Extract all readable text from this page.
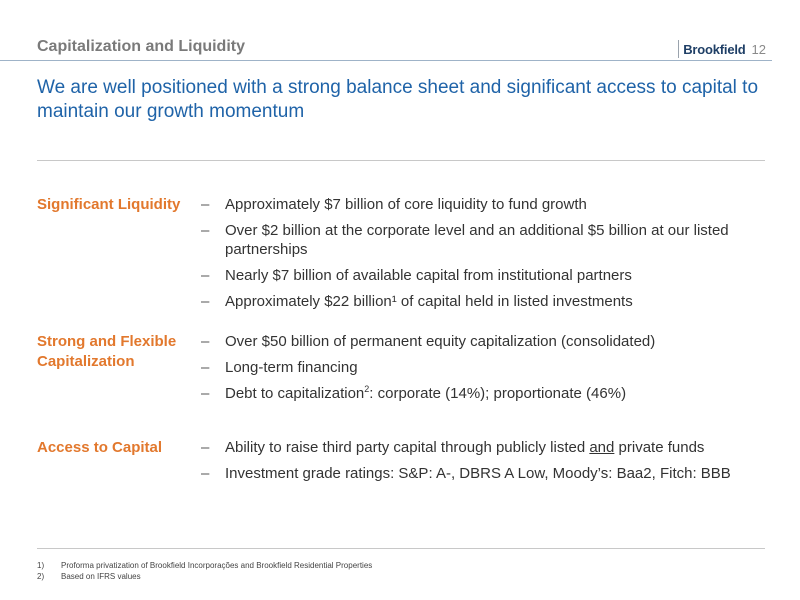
Capitalization and Liquidity	Brookfield 12
We are well positioned with a strong balance sheet and significant access to capital to maintain our growth momentum
Significant Liquidity	– Approximately $7 billion of core liquidity to fund growth
– Over $2 billion at the corporate level and an additional $5 billion at our listed partnerships
– Nearly $7 billion of available capital from institutional partners
– Approximately $22 billion¹ of capital held in listed investments
Strong and Flexible Capitalization
– Over $50 billion of permanent equity capitalization (consolidated)
– Long-term financing
– Debt to capitalization$^2$: corporate (14%); proportionate (46%)
Access to Capital	– Ability to raise third party capital through publicly listed and private funds
– Investment grade ratings: S&P: A-, DBRS A Low, Moody’s: Baa2, Fitch: BBB
1)	Proforma privatization of Brookfield Incorporações and Brookfield Residential Properties
2)	Based on IFRS values
